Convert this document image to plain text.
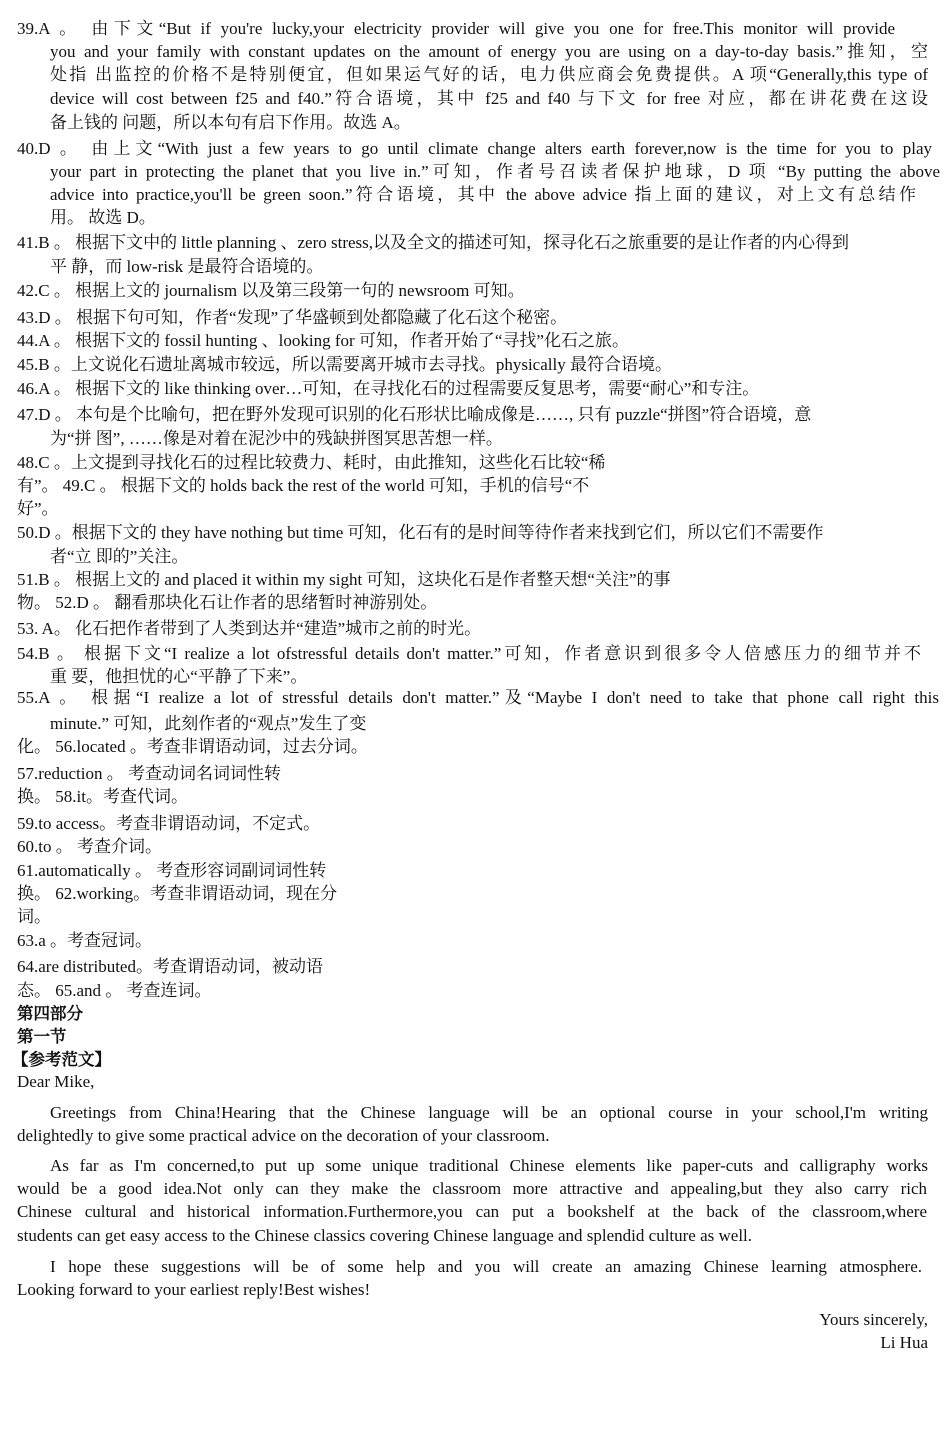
39.A 。 由下文“But if you're lucky,your electricity provider will give you one for free.This monitor will provide
you and your family with constant updates on the amount of energy you are using on a day-to-day basis.”推知，空
处指 出监控的价格不是特别便宜，但如果运气好的话，电力供应商会免费提供。A 项“Generally,this type of
device will cost between f25 and f40.”符合语境，其中 f25 and f40 与下文 for free 对应，都在讲花费在这设
备上钱的 问题，所以本句有启下作用。故选 A。
40.D 。 由上文“With just a few years to go until climate change alters earth forever,now is the time for you to play
your part in protecting the planet that you live in.”可知，作者号召读者保护地球，D 项 “By putting the above
advice into practice,you'll be green soon.”符合语境，其中 the above advice 指上面的建议，对上文有总结作
用。 故选 D。
41.B 。 根据下文中的 little planning 、zero stress,以及全文的描述可知，探寻化石之旅重要的是让作者的内心得到
平 静，而 low-risk 是最符合语境的。
42.C 。 根据上文的 journalism 以及第三段第一句的 newsroom 可知。
43.D 。 根据下句可知，作者“发现”了华盛顿到处都隐藏了化石这个秘密。
44.A 。 根据下文的 fossil hunting 、looking for 可知，作者开始了“寻找”化石之旅。
45.B 。上文说化石遗址离城市较远，所以需要离开城市去寻找。physically 最符合语境。
46.A 。 根据下文的 like thinking over…可知，在寻找化石的过程需要反复思考，需要“耐心”和专注。
47.D 。 本句是个比喻句，把在野外发现可识别的化石形状比喻成像是……, 只有 puzzle“拼图”符合语境，意
为“拼 图”, ……像是对着在泥沙中的残缺拼图冥思苦想一样。
48.C 。上文提到寻找化石的过程比较费力、耗时，由此推知，这些化石比较“稀
有”。 49.C 。 根据下文的 holds back the rest of the world 可知，手机的信号“不
好”。
50.D 。根据下文的 they have nothing but time 可知，化石有的是时间等待作者来找到它们，所以它们不需要作
者“立 即的”关注。
51.B 。 根据上文的 and placed it within my sight 可知，这块化石是作者整天想“关注”的事
物。 52.D 。 翻看那块化石让作者的思绪暂时神游别处。
53. A。 化石把作者带到了人类到达并“建造”城市之前的时光。
54.B 。 根据下文“I realize a lot ofstressful details don't matter.”可知，作者意识到很多令人倍感压力的细节并不
重 要，他担忧的心“平静了下来”。
55.A 。 根据“I realize a lot of stressful details don't matter.”及“Maybe I don't need to take that phone call right this
minute.” 可知，此刻作者的“观点”发生了变
化。 56.located 。考查非谓语动词，过去分词。
57.reduction 。 考查动词名词词性转
换。 58.it。考查代词。
59.to access。考查非谓语动词，不定式。
60.to 。 考查介词。
61.automatically 。 考查形容词副词词性转
换。 62.working。考查非谓语动词，现在分
词。
63.a 。考查冠词。
64.are distributed。考查谓语动词，被动语
态。 65.and 。 考查连词。
第四部分
第一节
【参考范文】
Dear Mike,
Greetings from China!Hearing that the Chinese language will be an optional course in your school,I'm writing
delightedly to give some practical advice on the decoration of your classroom.
As far as I'm concerned,to put up some unique traditional Chinese elements like paper-cuts and calligraphy works
would be a good idea.Not only can they make the classroom more attractive and appealing,but they also carry rich
Chinese cultural and historical information.Furthermore,you can put a bookshelf at the back of the classroom,where
students can get easy access to the Chinese classics covering Chinese language and splendid culture as well.
I hope these suggestions will be of some help and you will create an amazing Chinese learning atmosphere.
Looking forward to your earliest reply!Best wishes!
Yours sincerely,
Li Hua
